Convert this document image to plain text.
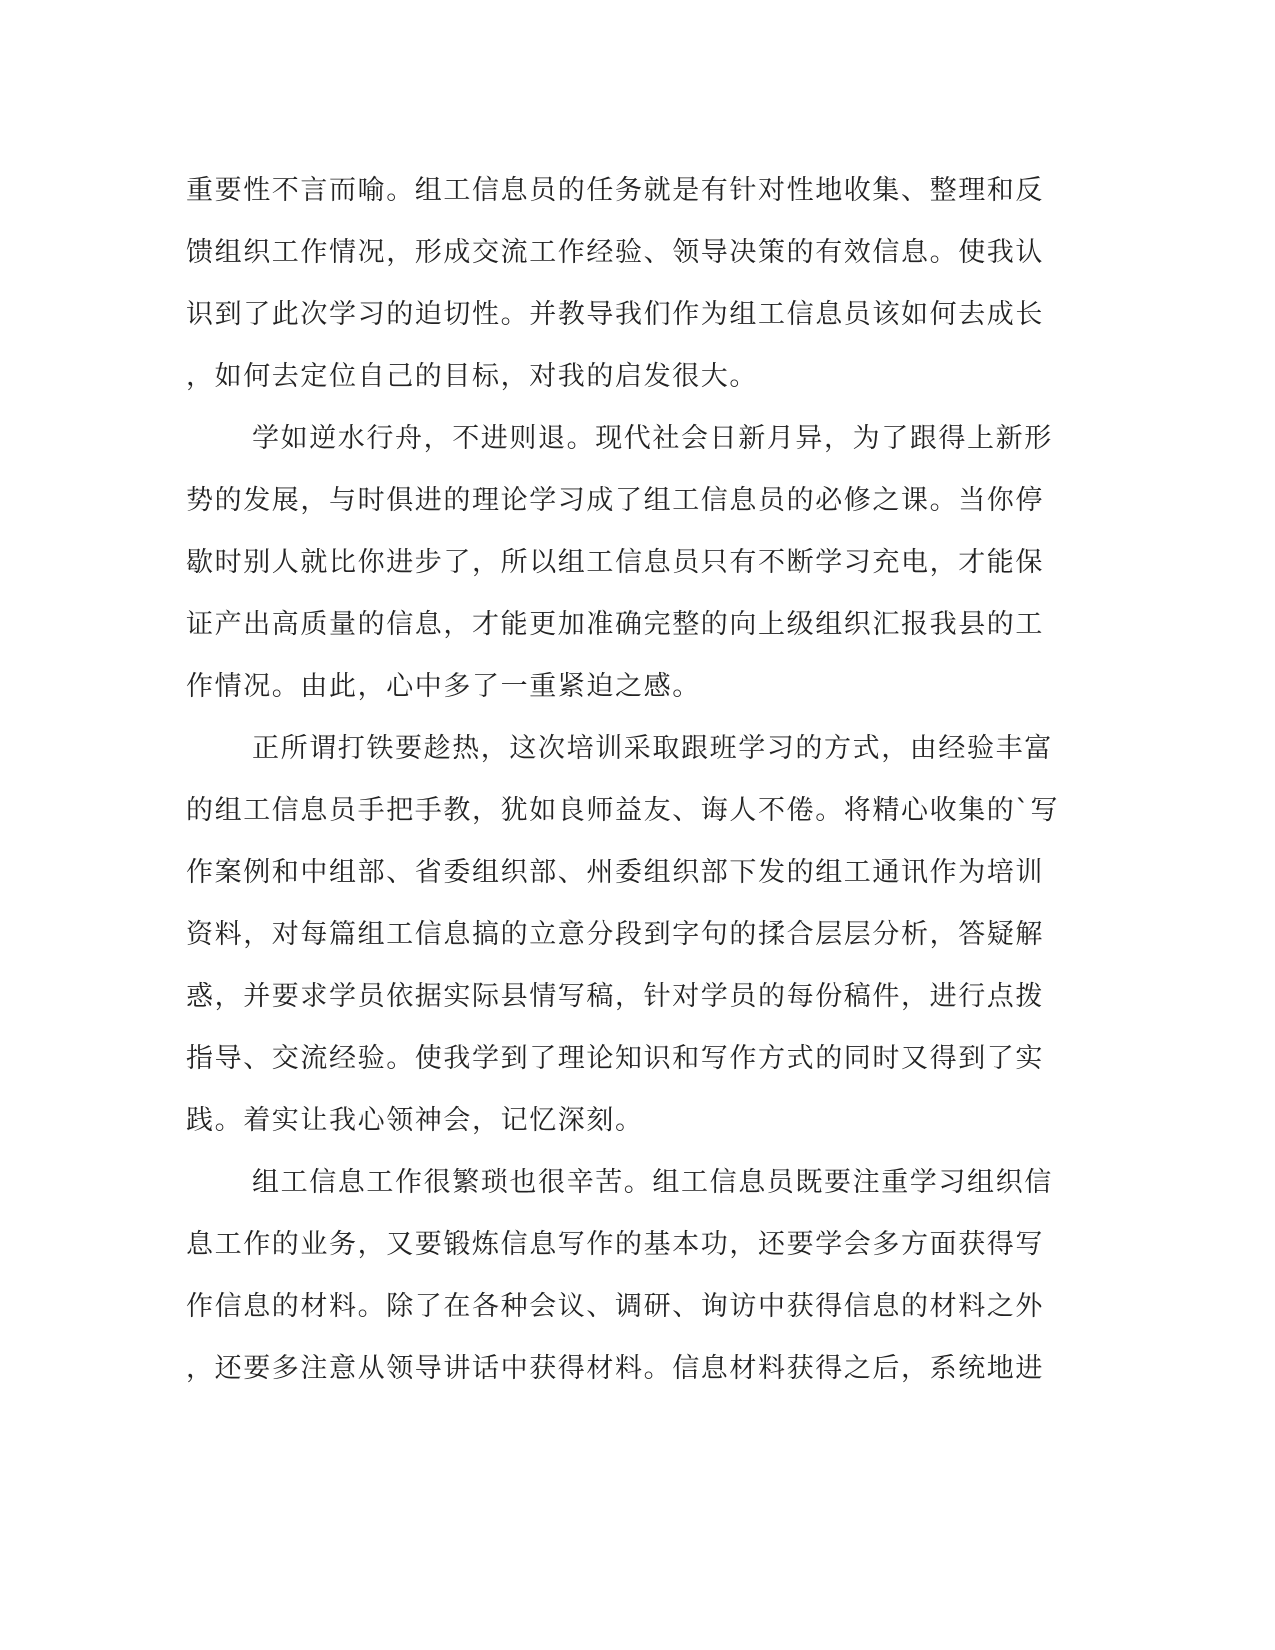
重要性不言而喻。组工信息员的任务就是有针对性地收集、整理和反
馈组织工作情况，形成交流工作经验、领导决策的有效信息。使我认
识到了此次学习的迫切性。并教导我们作为组工信息员该如何去成长
，如何去定位自己的目标，对我的启发很大。
学如逆水行舟，不进则退。现代社会日新月异，为了跟得上新形
势的发展，与时俱进的理论学习成了组工信息员的必修之课。当你停
歇时别人就比你进步了，所以组工信息员只有不断学习充电，才能保
证产出高质量的信息，才能更加准确完整的向上级组织汇报我县的工
作情况。由此，心中多了一重紧迫之感。
正所谓打铁要趁热，这次培训采取跟班学习的方式，由经验丰富
的组工信息员手把手教，犹如良师益友、诲人不倦。将精心收集的`写
作案例和中组部、省委组织部、州委组织部下发的组工通讯作为培训
资料，对每篇组工信息搞的立意分段到字句的揉合层层分析，答疑解
惑，并要求学员依据实际县情写稿，针对学员的每份稿件，进行点拨
指导、交流经验。使我学到了理论知识和写作方式的同时又得到了实
践。着实让我心领神会，记忆深刻。
组工信息工作很繁琐也很辛苦。组工信息员既要注重学习组织信
息工作的业务，又要锻炼信息写作的基本功，还要学会多方面获得写
作信息的材料。除了在各种会议、调研、询访中获得信息的材料之外
，还要多注意从领导讲话中获得材料。信息材料获得之后，系统地进
